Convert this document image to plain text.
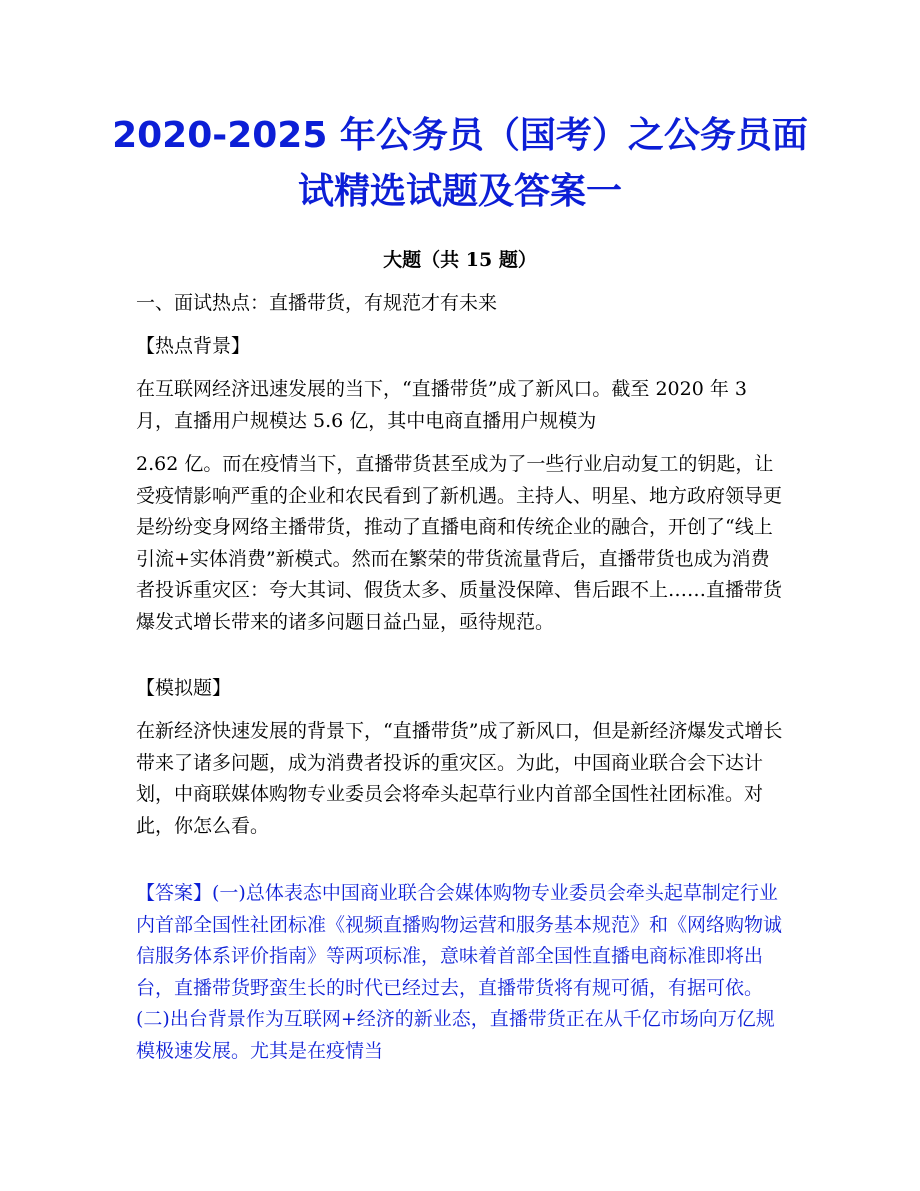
2020-2025 年公务员（国考）之公务员面
试精选试题及答案一

大题（共 15 题）

一、面试热点：直播带货，有规范才有未来

【热点背景】

在互联网经济迅速发展的当下，“直播带货”成了新风口。截至 2020 年 3 月，直播用户规模达 5.6 亿，其中电商直播用户规模为

2.62 亿。而在疫情当下，直播带货甚至成为了一些行业启动复工的钥匙，让受疫情影响严重的企业和农民看到了新机遇。主持人、明星、地方政府领导更是纷纷变身网络主播带货，推动了直播电商和传统企业的融合，开创了“线上引流+实体消费”新模式。然而在繁荣的带货流量背后，直播带货也成为消费者投诉重灾区：夸大其词、假货太多、质量没保障、售后跟不上……直播带货爆发式增长带来的诸多问题日益凸显，亟待规范。

【模拟题】

在新经济快速发展的背景下，“直播带货”成了新风口，但是新经济爆发式增长带来了诸多问题，成为消费者投诉的重灾区。为此，中国商业联合会下达计划，中商联媒体购物专业委员会将牵头起草行业内首部全国性社团标准。对此，你怎么看。

【答案】(一)总体表态中国商业联合会媒体购物专业委员会牵头起草制定行业内首部全国性社团标准《视频直播购物运营和服务基本规范》和《网络购物诚信服务体系评价指南》等两项标准，意味着首部全国性直播电商标准即将出台，直播带货野蛮生长的时代已经过去，直播带货将有规可循，有据可依。(二)出台背景作为互联网+经济的新业态，直播带货正在从千亿市场向万亿规模极速发展。尤其是在疫情当
